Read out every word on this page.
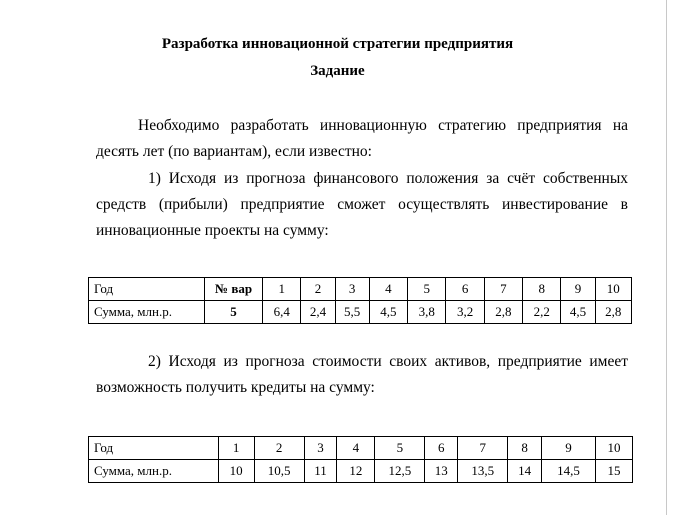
Разработка инновационной стратегии предприятия
Задание
Необходимо разработать инновационную стратегию предприятия на
десять лет (по вариантам), если известно:
1) Исходя из прогноза финансового положения за счёт собственных
средств (прибыли) предприятие сможет осуществлять инвестирование в
инновационные проекты на сумму:
Год	№ вар	1	2	3	4	5	6	7	8	9	10
Сумма, млн.р.	5	6,4	2,4	5,5	4,5	3,8	3,2	2,8	2,2	4,5	2,8
2) Исходя из прогноза стоимости своих активов, предприятие имеет
возможность получить кредиты на сумму:
Год	1	2	3	4	5	6	7	8	9	10
Сумма, млн.р.	10	10,5	11	12	12,5	13	13,5	14	14,5	15
